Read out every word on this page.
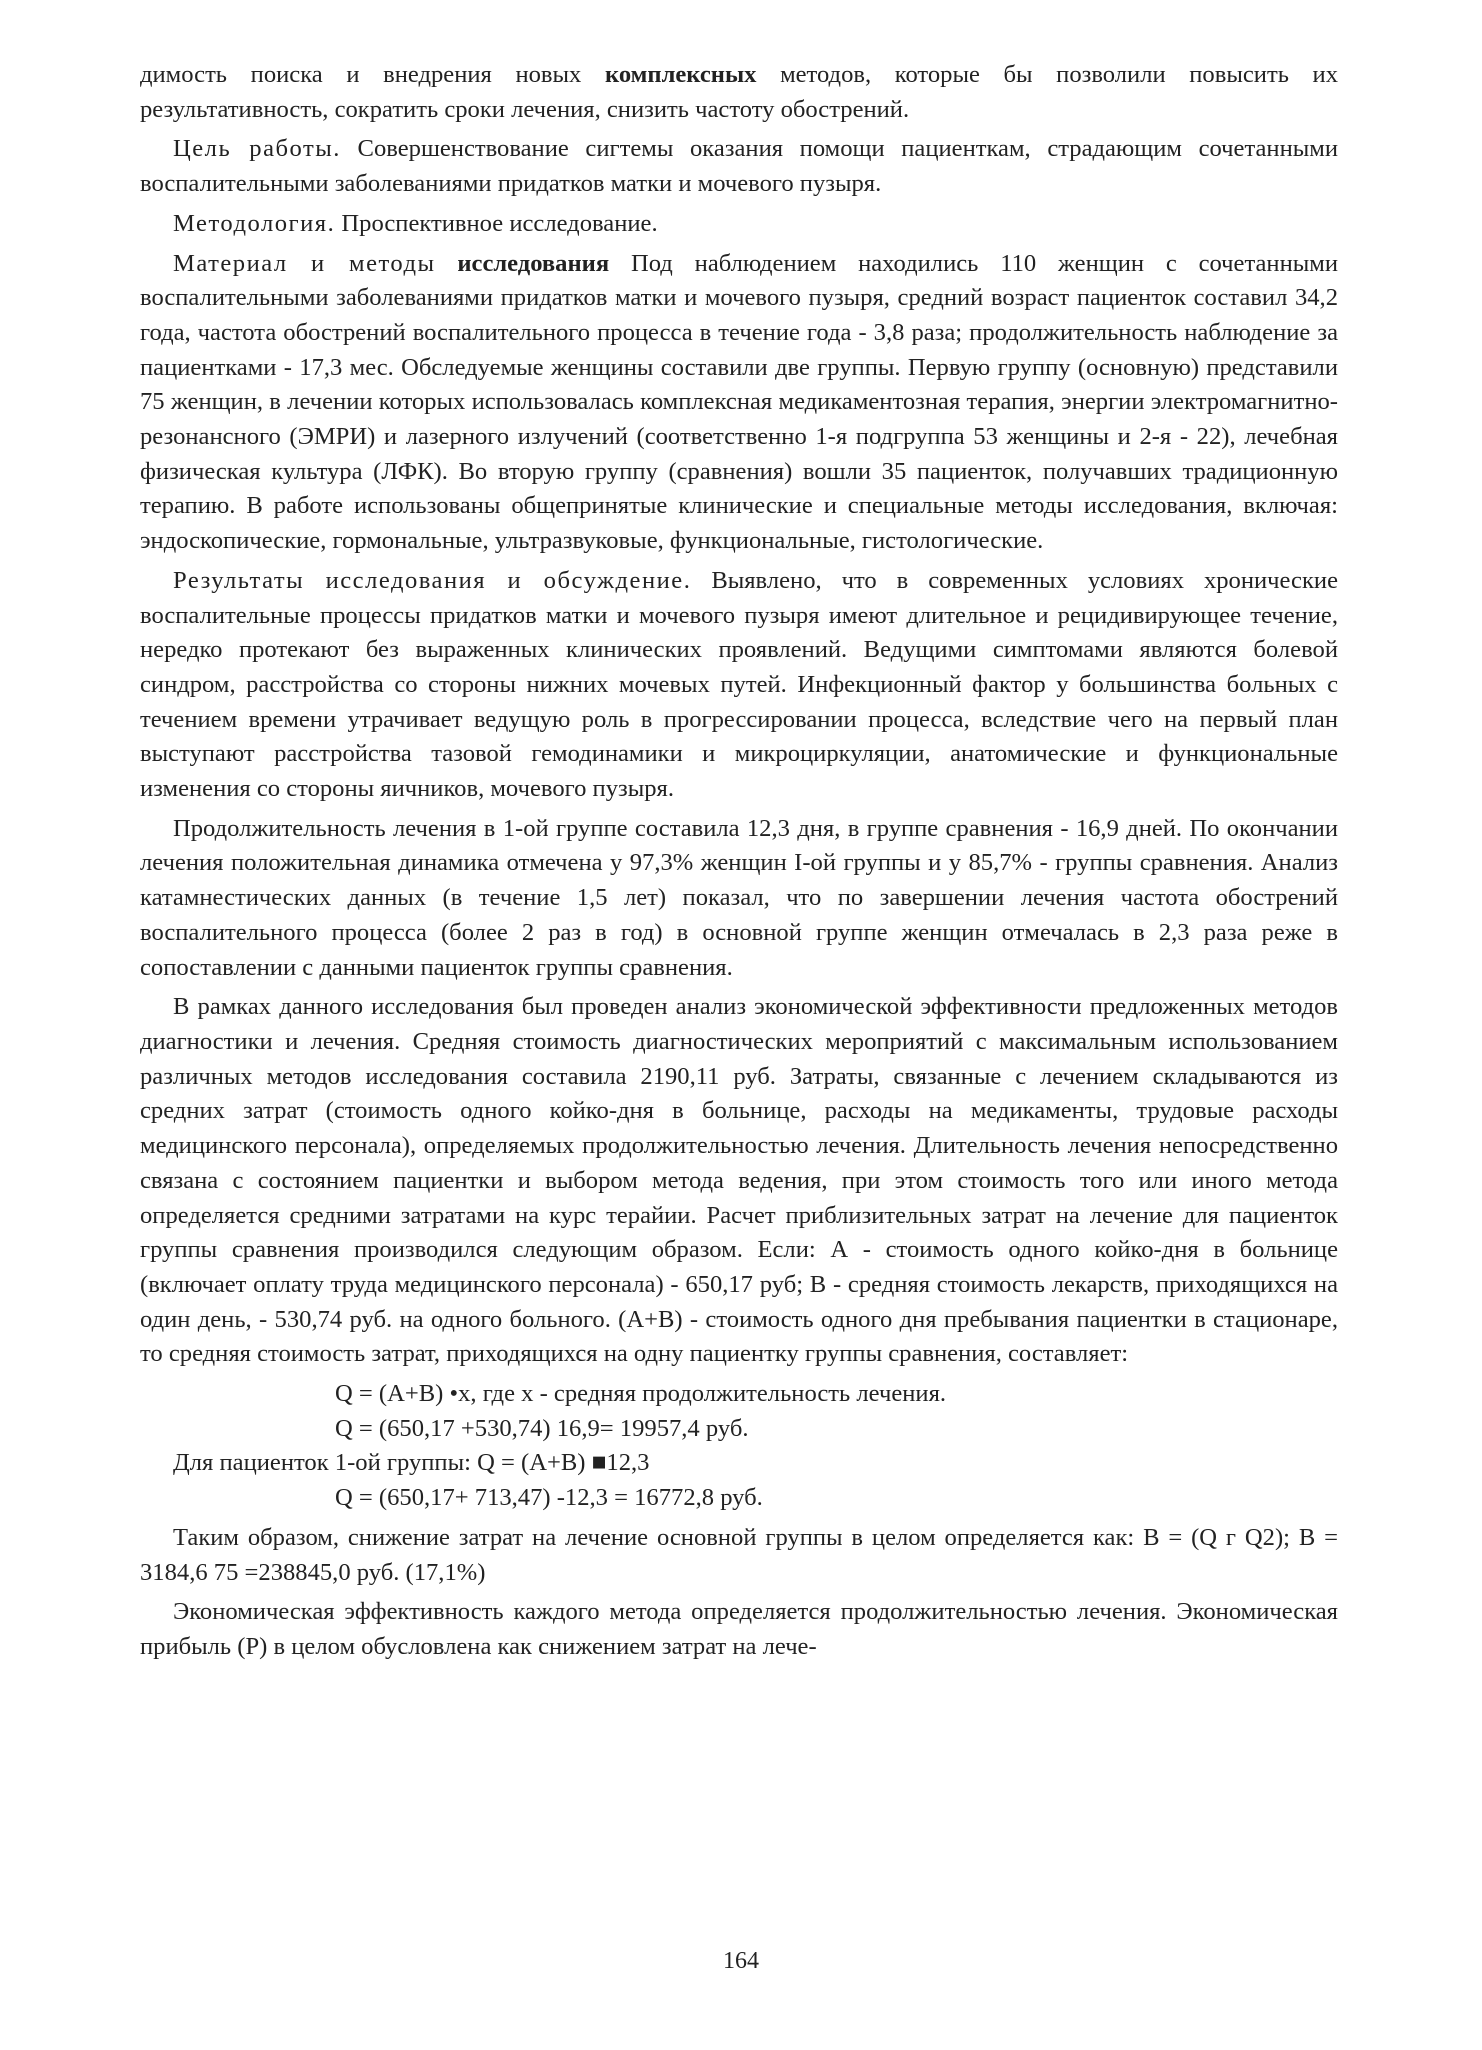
димость поиска и внедрения новых комплексных методов, которые бы позволили повысить их результативность, сократить сроки лечения, снизить частоту обострений.

Цель работы. Совершенствование сигтемы оказания помощи пациенткам, страдающим сочетанными воспалительными заболеваниями придатков матки и мочевого пузыря.

Методология. Проспективное исследование.

Материал и методы исследования Под наблюдением находились 110 женщин с сочетанными воспалительными заболеваниями придатков матки и мочевого пузыря, средний возраст пациенток составил 34,2 года, частота обострений воспалительного процесса в течение года - 3,8 раза; продолжительность наблюдение за пациентками - 17,3 мес. Обследуемые женщины составили две группы. Первую группу (основную) представили 75 женщин, в лечении которых использовалась комплексная медикаментозная терапия, энергии электромагнитно-резонансного (ЭМРИ) и лазерного излучений (соответственно 1-я подгруппа 53 женщины и 2-я - 22), лечебная физическая культура (ЛФК). Во вторую группу (сравнения) вошли 35 пациенток, получавших традиционную терапию. В работе использованы общепринятые клинические и специальные методы исследования, включая: эндоскопические, гормональные, ультразвуковые, функциональные, гистологические.

Результаты исследования и обсуждение. Выявлено, что в современных условиях хронические воспалительные процессы придатков матки и мочевого пузыря имеют длительное и рецидивирующее течение, нередко протекают без выраженных клинических проявлений. Ведущими симптомами являются болевой синдром, расстройства со стороны нижних мочевых путей. Инфекционный фактор у большинства больных с течением времени утрачивает ведущую роль в прогрессировании процесса, вследствие чего на первый план выступают расстройства тазовой гемодинамики и микроциркуляции, анатомические и функциональные изменения со стороны яичников, мочевого пузыря.

Продолжительность лечения в 1-ой группе составила 12,3 дня, в группе сравнения - 16,9 дней. По окончании лечения положительная динамика отмечена у 97,3% женщин I-ой группы и у 85,7% - группы сравнения. Анализ катамнестических данных (в течение 1,5 лет) показал, что по завершении лечения частота обострений воспалительного процесса (более 2 раз в год) в основной группе женщин отмечалась в 2,3 раза реже в сопоставлении с данными пациенток группы сравнения.

В рамках данного исследования был проведен анализ экономической эффективности предложенных методов диагностики и лечения. Средняя стоимость диагностических мероприятий с максимальным использованием различных методов исследования составила 2190,11 руб. Затраты, связанные с лечением складываются из средних затрат (стоимость одного койко-дня в больнице, расходы на медикаменты, трудовые расходы медицинского персонала), определяемых продолжительностью лечения. Длительность лечения непосредственно связана с состоянием пациентки и выбором метода ведения, при этом стоимость того или иного метода определяется средними затратами на курс терайии. Расчет приблизительных затрат на лечение для пациенток группы сравнения производился следующим образом. Если: А - стоимость одного койко-дня в больнице (включает оплату труда медицинского персонала) - 650,17 руб; В - средняя стоимость лекарств, приходящихся на один день, - 530,74 руб. на одного больного. (А+В) - стоимость одного дня пребывания пациентки в стационаре, то средняя стоимость затрат, приходящихся на одну пациентку группы сравнения, составляет:

Q = (А+В) •х, где х - средняя продолжительность лечения.
Q = (650,17 +530,74) 16,9= 19957,4 руб.
Для пациенток 1-ой группы: Q = (А+В) ■12,3
Q = (650,17+ 713,47) -12,3 = 16772,8 руб.

Таким образом, снижение затрат на лечение основной группы в целом определяется как: В = (Q г Q2); В = 3184,6 75 =238845,0 руб. (17,1%)

Экономическая эффективность каждого метода определяется продолжительностью лечения. Экономическая прибыль (Р) в целом обусловлена как снижением затрат на лече-

164
